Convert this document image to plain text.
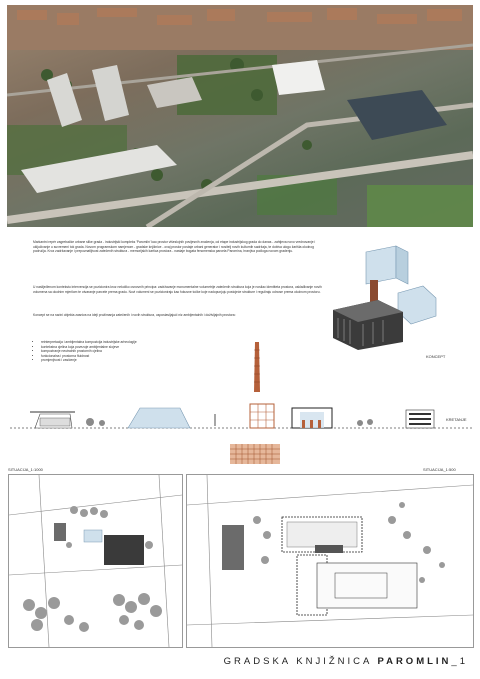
Markantni repér zagrebačke urbane slike grada - industrijski kompleks 'Paromlin' kao prostor višeslojnih povijesnih značenja, od etape industrijskog grada do danas - zahtjeva novo vrednovanje i uključivanje u suvremeni tok grada. Novom programskom namjenom - gradske knjižnice - ovaj prostor postaje urbani generator i nositelj novih kulturnih sadržaja, te dobiva ulogu žarišta okolnog područja. Kroz zadržavanje i prepoznatljivost zatečenih struktura - memorijskih kartica prostora - nastaje bogata fenomenska parcela Paromina, hranjiva podloga novom gradenju.

U naslijeđenom kontekstu intervencija se pozicionira kroz nekoliko osnovnih principa: zadržavanje monumentalne volumetrije zatečenih struktura koja je nosilac identiteta prostora, usklađivanje novih volumena sa okolnim mjerilom te otvaranje parcele prema gradu. Novi volumeni se pozicioniraju kao fokusne točke koje nadopunjuju postojeće strukture i reguliraju odnose prema okolnom prostoru.

Koncept se na razini objekta zasniva na ideji prožimanja zatečenih i novih struktura, uspostavljajući niz ambijentalnih i doživljajnih prostora:

• reinterpretacija i ambijentalna kompozicija industrijske arheologije
• kontekstna cjelina koja povezuje ambijentalne slojeve
• kompoziranje neutralnih prostornih cjelina
• funkcionalna i prostorna fluidnost
• promjenjivost i zasićenje
KONCEPT
KRETANJE
SITUACIJA_1:1000	SITUACIJA_1:500
GRADSKA KNJIŽNICA PAROMLIN_1
